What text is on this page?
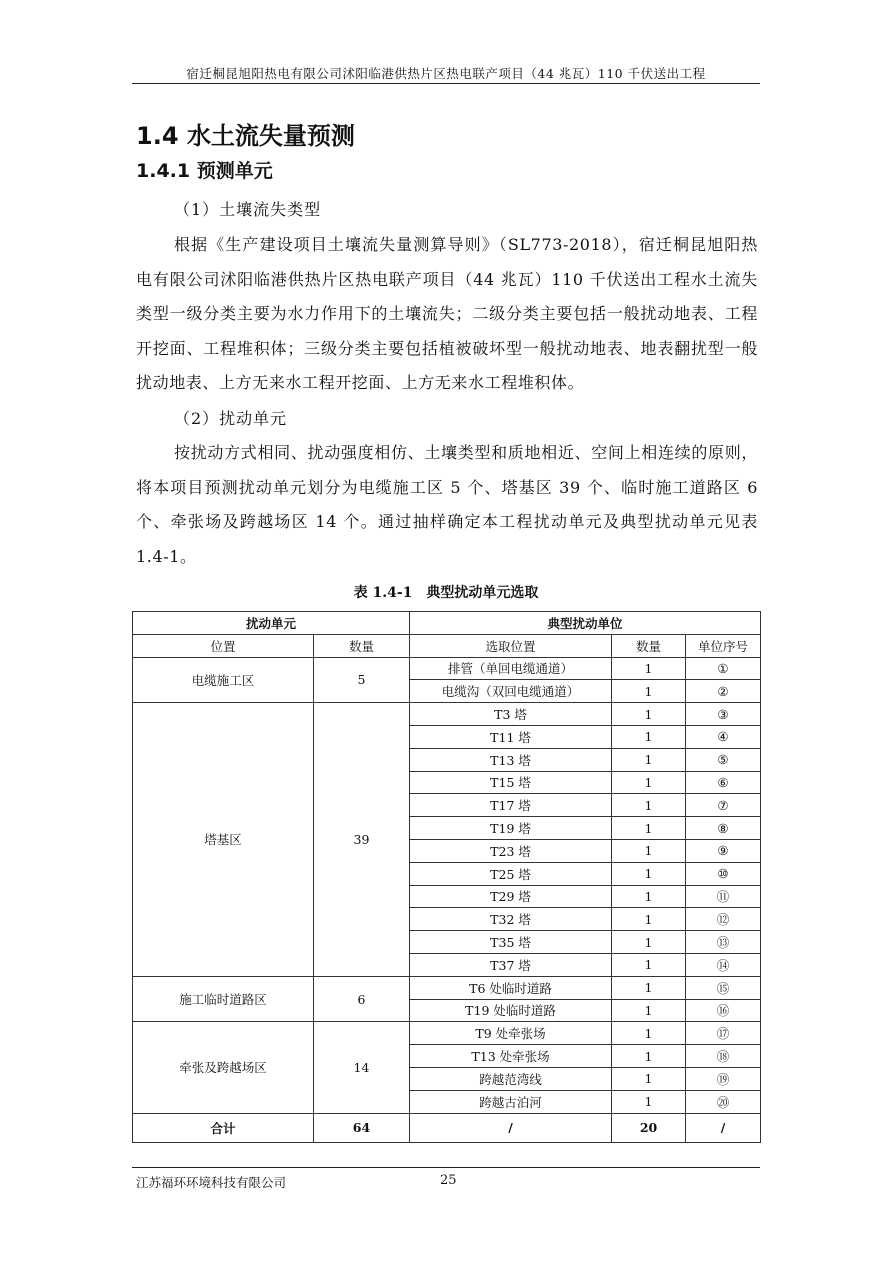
宿迁桐昆旭阳热电有限公司沭阳临港供热片区热电联产项目（44 兆瓦）110 千伏送出工程
1.4 水土流失量预测
1.4.1 预测单元
（1）土壤流失类型
根据《生产建设项目土壤流失量测算导则》（SL773-2018），宿迁桐昆旭阳热电有限公司沭阳临港供热片区热电联产项目（44 兆瓦）110 千伏送出工程水土流失类型一级分类主要为水力作用下的土壤流失；二级分类主要包括一般扰动地表、工程开挖面、工程堆积体；三级分类主要包括植被破坏型一般扰动地表、地表翻扰型一般扰动地表、上方无来水工程开挖面、上方无来水工程堆积体。
（2）扰动单元
按扰动方式相同、扰动强度相仿、土壤类型和质地相近、空间上相连续的原则，将本项目预测扰动单元划分为电缆施工区 5 个、塔基区 39 个、临时施工道路区 6 个、牵张场及跨越场区 14 个。通过抽样确定本工程扰动单元及典型扰动单元见表 1.4-1。
表 1.4-1　典型扰动单元选取
扰动单元		典型扰动单位		
位置	数量	选取位置	数量	单位序号
电缆施工区	5	排管（单回电缆通道）	1	①
		电缆沟（双回电缆通道）	1	②
塔基区	39	T3 塔	1	③
		T11 塔	1	④
		T13 塔	1	⑤
		T15 塔	1	⑥
		T17 塔	1	⑦
		T19 塔	1	⑧
		T23 塔	1	⑨
		T25 塔	1	⑩
		T29 塔	1	⑪
		T32 塔	1	⑫
		T35 塔	1	⑬
		T37 塔	1	⑭
施工临时道路区	6	T6 处临时道路	1	⑮
		T19 处临时道路	1	⑯
牵张及跨越场区	14	T9 处牵张场	1	⑰
		T13 处牵张场	1	⑱
		跨越范湾线	1	⑲
		跨越古泊河	1	⑳
合计	64	/	20	/
江苏福环环境科技有限公司	25
